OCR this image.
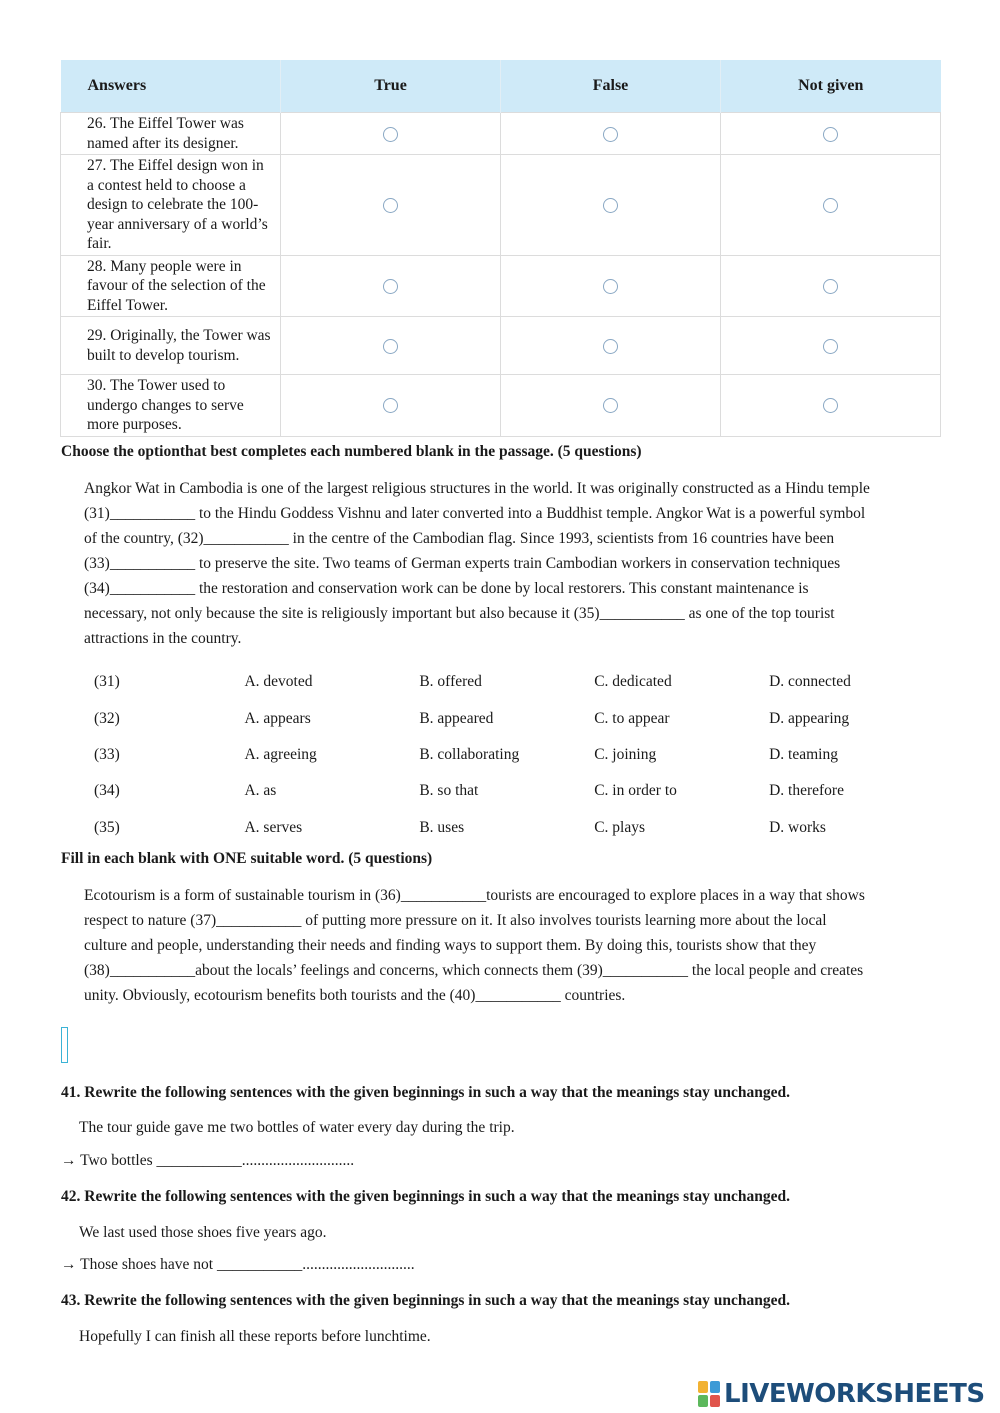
Answers	True	False	Not given
26. The Eiffel Tower was named after its designer.			
27. The Eiffel design won in a contest held to choose a design to celebrate the 100-year anniversary of a world’s fair.			
28. Many people were in favour of the selection of the Eiffel Tower.			
29. Originally, the Tower was built to develop tourism.			
30. The Tower used to undergo changes to serve more purposes.			

Choose the optionthat best completes each numbered blank in the passage. (5 questions)

Angkor Wat in Cambodia is one of the largest religious structures in the world. It was originally constructed as a Hindu temple
(31)___________ to the Hindu Goddess Vishnu and later converted into a Buddhist temple. Angkor Wat is a powerful symbol
of the country, (32)___________ in the centre of the Cambodian flag. Since 1993, scientists from 16 countries have been
(33)___________ to preserve the site. Two teams of German experts train Cambodian workers in conservation techniques
(34)___________ the restoration and conservation work can be done by local restorers. This constant maintenance is
necessary, not only because the site is religiously important but also because it (35)___________ as one of the top tourist
attractions in the country.
(31)	A. devoted	B. offered	C. dedicated	D. connected
(32)	A. appears	B. appeared	C. to appear	D. appearing
(33)	A. agreeing	B. collaborating	C. joining	D. teaming
(34)	A. as	B. so that	C. in order to	D. therefore
(35)	A. serves	B. uses	C. plays	D. works

Fill in each blank with ONE suitable word. (5 questions)

Ecotourism is a form of sustainable tourism in (36)___________tourists are encouraged to explore places in a way that shows
respect to nature (37)___________ of putting more pressure on it. It also involves tourists learning more about the local
culture and people, understanding their needs and finding ways to support them. By doing this, tourists show that they
(38)___________about the locals’ feelings and concerns, which connects them (39)___________ the local people and creates
unity. Obviously, ecotourism benefits both tourists and the (40)___________ countries.

41. Rewrite the following sentences with the given beginnings in such a way that the meanings stay unchanged.

The tour guide gave me two bottles of water every day during the trip.

→ Two bottles ___________.............................

42. Rewrite the following sentences with the given beginnings in such a way that the meanings stay unchanged.

We last used those shoes five years ago.

→ Those shoes have not ___________.............................

43. Rewrite the following sentences with the given beginnings in such a way that the meanings stay unchanged.

Hopefully I can finish all these reports before lunchtime.

LIVEWORKSHEETS
